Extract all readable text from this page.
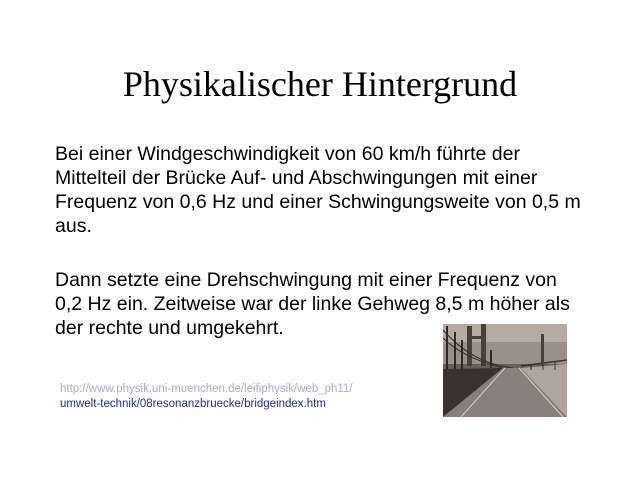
Physikalischer Hintergrund

Bei einer Windgeschwindigkeit von 60 km/h führte der Mittelteil der Brücke Auf- und Abschwingungen mit einer Frequenz von 0,6 Hz und einer Schwingungsweite von 0,5 m aus.

Dann setzte eine Drehschwingung mit einer Frequenz von 0,2 Hz ein. Zeitweise war der linke Gehweg 8,5 m höher als der rechte und umgekehrt.

http://www.physik.uni-muenchen.de/leifiphysik/web_ph11/
umwelt-technik/08resonanzbruecke/bridgeindex.htm
